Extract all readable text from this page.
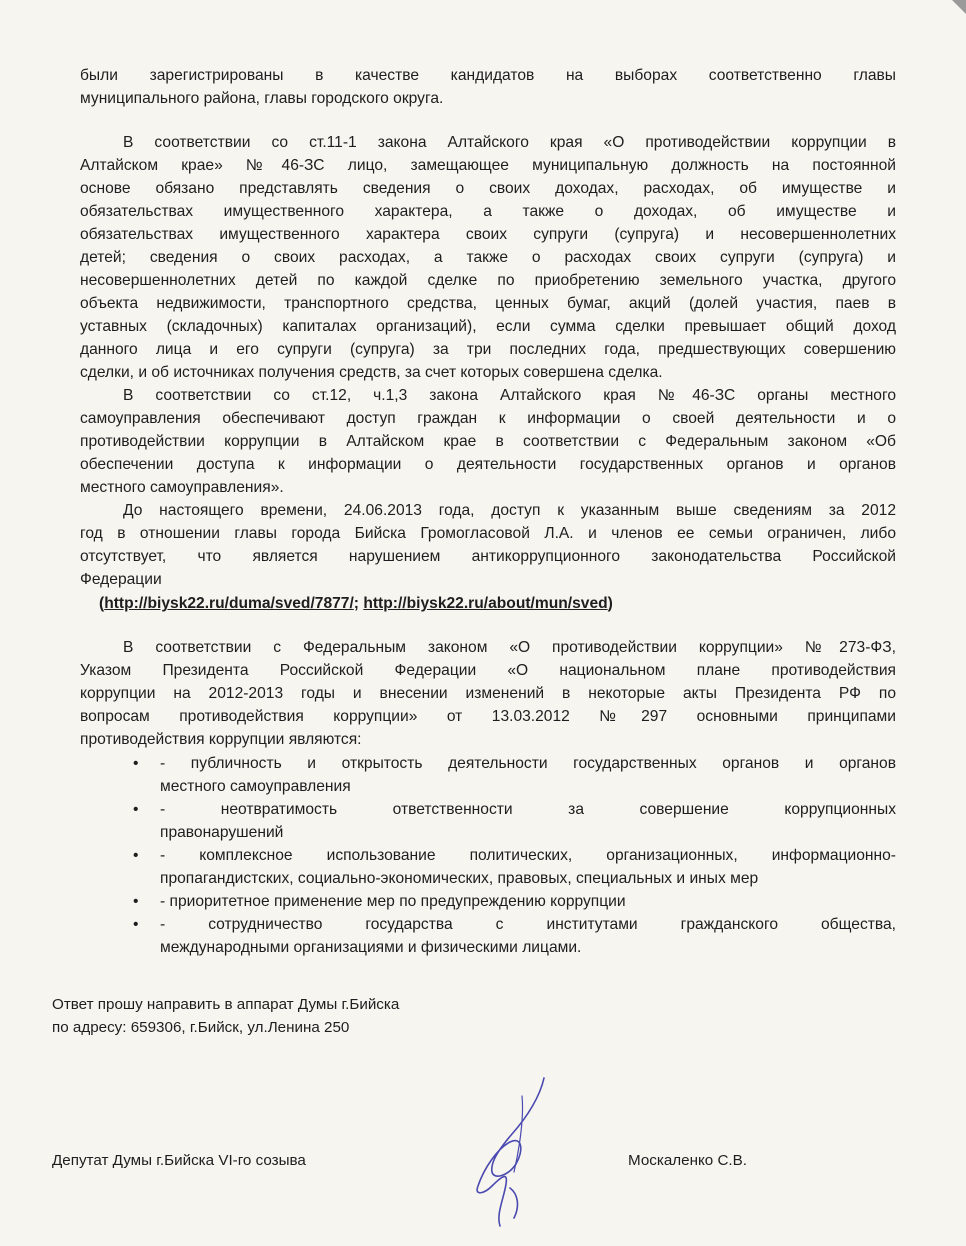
были зарегистрированы в качестве кандидатов на выборах соответственно главы
муниципального района, главы городского округа.
В соответствии со ст.11-1 закона Алтайского края «О противодействии коррупции в
Алтайском крае» №46-ЗС лицо, замещающее муниципальную должность на постоянной
основе обязано представлять сведения о своих доходах, расходах, об имуществе и
обязательствах имущественного характера, а также о доходах, об имуществе и
обязательствах имущественного характера своих супруги (супруга) и несовершеннолетних
детей; сведения о своих расходах, а также о расходах своих супруги (супруга) и
несовершеннолетних детей по каждой сделке по приобретению земельного участка, другого
объекта недвижимости, транспортного средства, ценных бумаг, акций (долей участия, паев в
уставных (складочных) капиталах организаций), если сумма сделки превышает общий доход
данного лица и его супруги (супруга) за три последних года, предшествующих совершению
сделки, и об источниках получения средств, за счет которых совершена сделка.
В соответствии со ст.12, ч.1,3 закона Алтайского края №46-ЗС органы местного
самоуправления обеспечивают доступ граждан к информации о своей деятельности и о
противодействии коррупции в Алтайском крае в соответствии с Федеральным законом «Об
обеспечении доступа к информации о деятельности государственных органов и органов
местного самоуправления».
До настоящего времени, 24.06.2013 года, доступ к указанным выше сведениям за 2012
год в отношении главы города Бийска Громогласовой Л.А. и членов ее семьи ограничен, либо
отсутствует, что является нарушением антикоррупционного законодательства Российской
Федерации
(http://biysk22.ru/duma/sved/7877/; http://biysk22.ru/about/mun/sved)
В соответствии с Федеральным законом «О противодействии коррупции» №273-ФЗ,
Указом Президента Российской Федерации «О национальном плане противодействия
коррупции на 2012-2013 годы и внесении изменений в некоторые акты Президента РФ по
вопросам противодействия коррупции» от 13.03.2012 №297 основными принципами
противодействия коррупции являются:
• - публичность и открытость деятельности государственных органов и органов
местного самоуправления
• - неотвратимость ответственности за совершение коррупционных
правонарушений
• - комплексное использование политических, организационных, информационно-
пропагандистских, социально-экономических, правовых, специальных и иных мер
• - приоритетное применение мер по предупреждению коррупции
• - сотрудничество государства с институтами гражданского общества,
международными организациями и физическими лицами.
Ответ прошу направить в аппарат Думы г.Бийска
по адресу: 659306, г.Бийск, ул.Ленина 250
Депутат Думы г.Бийска VI-го созыва	Москаленко С.В.
